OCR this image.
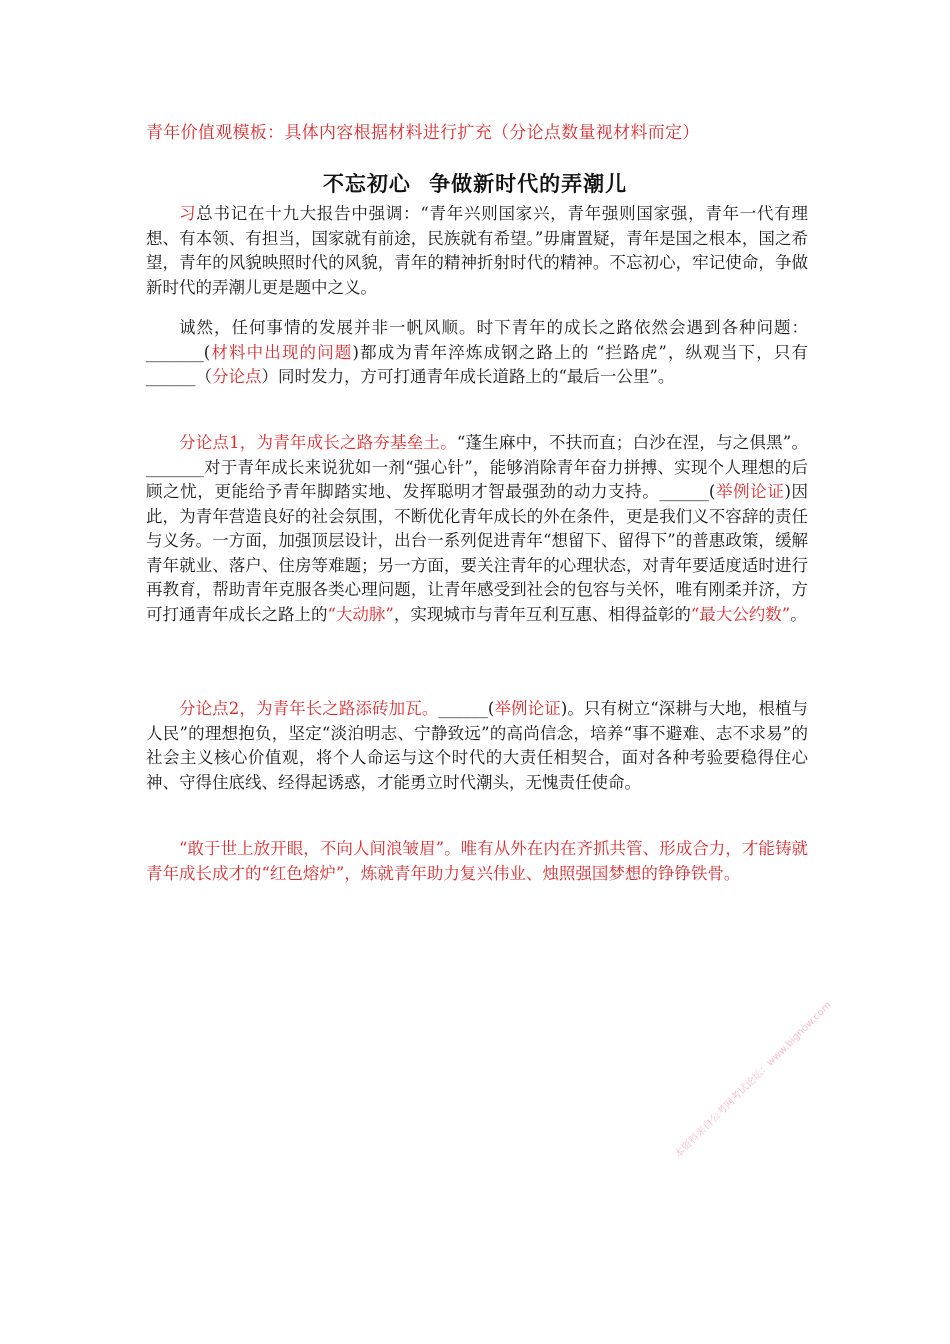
青年价值观模板：具体内容根据材料进行扩充（分论点数量视材料而定）
不忘初心 争做新时代的弄潮儿

习总书记在十九大报告中强调：“青年兴则国家兴，青年强则国家强，青年一代有理想、有本领、有担当，国家就有前途，民族就有希望。”毋庸置疑，青年是国之根本，国之希望，青年的风貌映照时代的风貌，青年的精神折射时代的精神。不忘初心，牢记使命，争做新时代的弄潮儿更是题中之义。

诚然，任何事情的发展并非一帆风顺。时下青年的成长之路依然会遇到各种问题：_______(材料中出现的问题)都成为青年淬炼成钢之路上的 “拦路虎”，纵观当下，只有______（分论点）同时发力，方可打通青年成长道路上的“最后一公里”。

分论点1，为青年成长之路夯基垒土。“蓬生麻中，不扶而直；白沙在涅，与之俱黑”。_______对于青年成长来说犹如一剂“强心针”，能够消除青年奋力拼搏、实现个人理想的后顾之忧，更能给予青年脚踏实地、发挥聪明才智最强劲的动力支持。______(举例论证)因此，为青年营造良好的社会氛围，不断优化青年成长的外在条件，更是我们义不容辞的责任与义务。一方面，加强顶层设计，出台一系列促进青年“想留下、留得下”的普惠政策，缓解青年就业、落户、住房等难题；另一方面，要关注青年的心理状态，对青年要适度适时进行再教育，帮助青年克服各类心理问题，让青年感受到社会的包容与关怀，唯有刚柔并济，方可打通青年成长之路上的“大动脉”，实现城市与青年互利互惠、相得益彰的“最大公约数”。

分论点2，为青年长之路添砖加瓦。______(举例论证)。只有树立“深耕与大地，根植与人民”的理想抱负，坚定“淡泊明志、宁静致远”的高尚信念，培养“事不避难、志不求易”的社会主义核心价值观，将个人命运与这个时代的大责任相契合，面对各种考验要稳得住心神、守得住底线、经得起诱惑，才能勇立时代潮头，无愧责任使命。

“敢于世上放开眼，不向人间浪皱眉”。唯有从外在内在齐抓共管、形成合力，才能铸就青年成长成才的“红色熔炉”，炼就青年助力复兴伟业、烛照强国梦想的铮铮铁骨。

本资料来自公考网考试论坛：www.bignow.com
